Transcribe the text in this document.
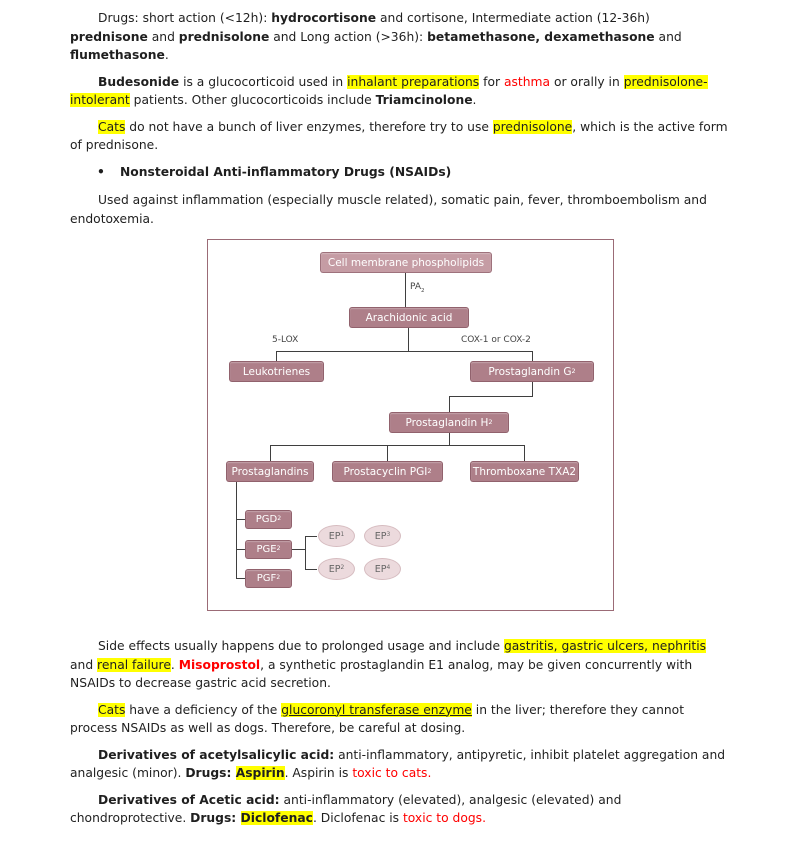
Drugs: short action (<12h): hydrocortisone and cortisone, Intermediate action (12-36h) prednisone and prednisolone and Long action (>36h): betamethasone, dexamethasone and flumethasone.
Budesonide is a glucocorticoid used in inhalant preparations for asthma or orally in prednisolone-intolerant patients. Other glucocorticoids include Triamcinolone.
Cats do not have a bunch of liver enzymes, therefore try to use prednisolone, which is the active form of prednisone.
• Nonsteroidal Anti-inflammatory Drugs (NSAIDs)
Used against inflammation (especially muscle related), somatic pain, fever, thromboembolism and endotoxemia.
$PA_2$
5-LOX	COX-1 or COX-2
Cell membrane phospholipids
Arachidonic acid
Leukotrienes	Prostaglandin G 2
Prostaglandin H 2
Prostaglandins	Prostacyclin PGI 2	Thromboxane TXA2
PGD 2
PGE 2
PGF 2
EP 1	EP 3
EP 2	EP 4
Side effects usually happens due to prolonged usage and include gastritis, gastric ulcers, nephritis and renal failure. Misoprostol, a synthetic prostaglandin E1 analog, may be given concurrently with NSAIDs to decrease gastric acid secretion.
Cats have a deficiency of the glucoronyl transferase enzyme in the liver; therefore they cannot process NSAIDs as well as dogs. Therefore, be careful at dosing.
Derivatives of acetylsalicylic acid: anti-inflammatory, antipyretic, inhibit platelet aggregation and analgesic (minor). Drugs: Aspirin. Aspirin is toxic to cats.
Derivatives of Acetic acid: anti-inflammatory (elevated), analgesic (elevated) and chondroprotective. Drugs: Diclofenac. Diclofenac is toxic to dogs.
